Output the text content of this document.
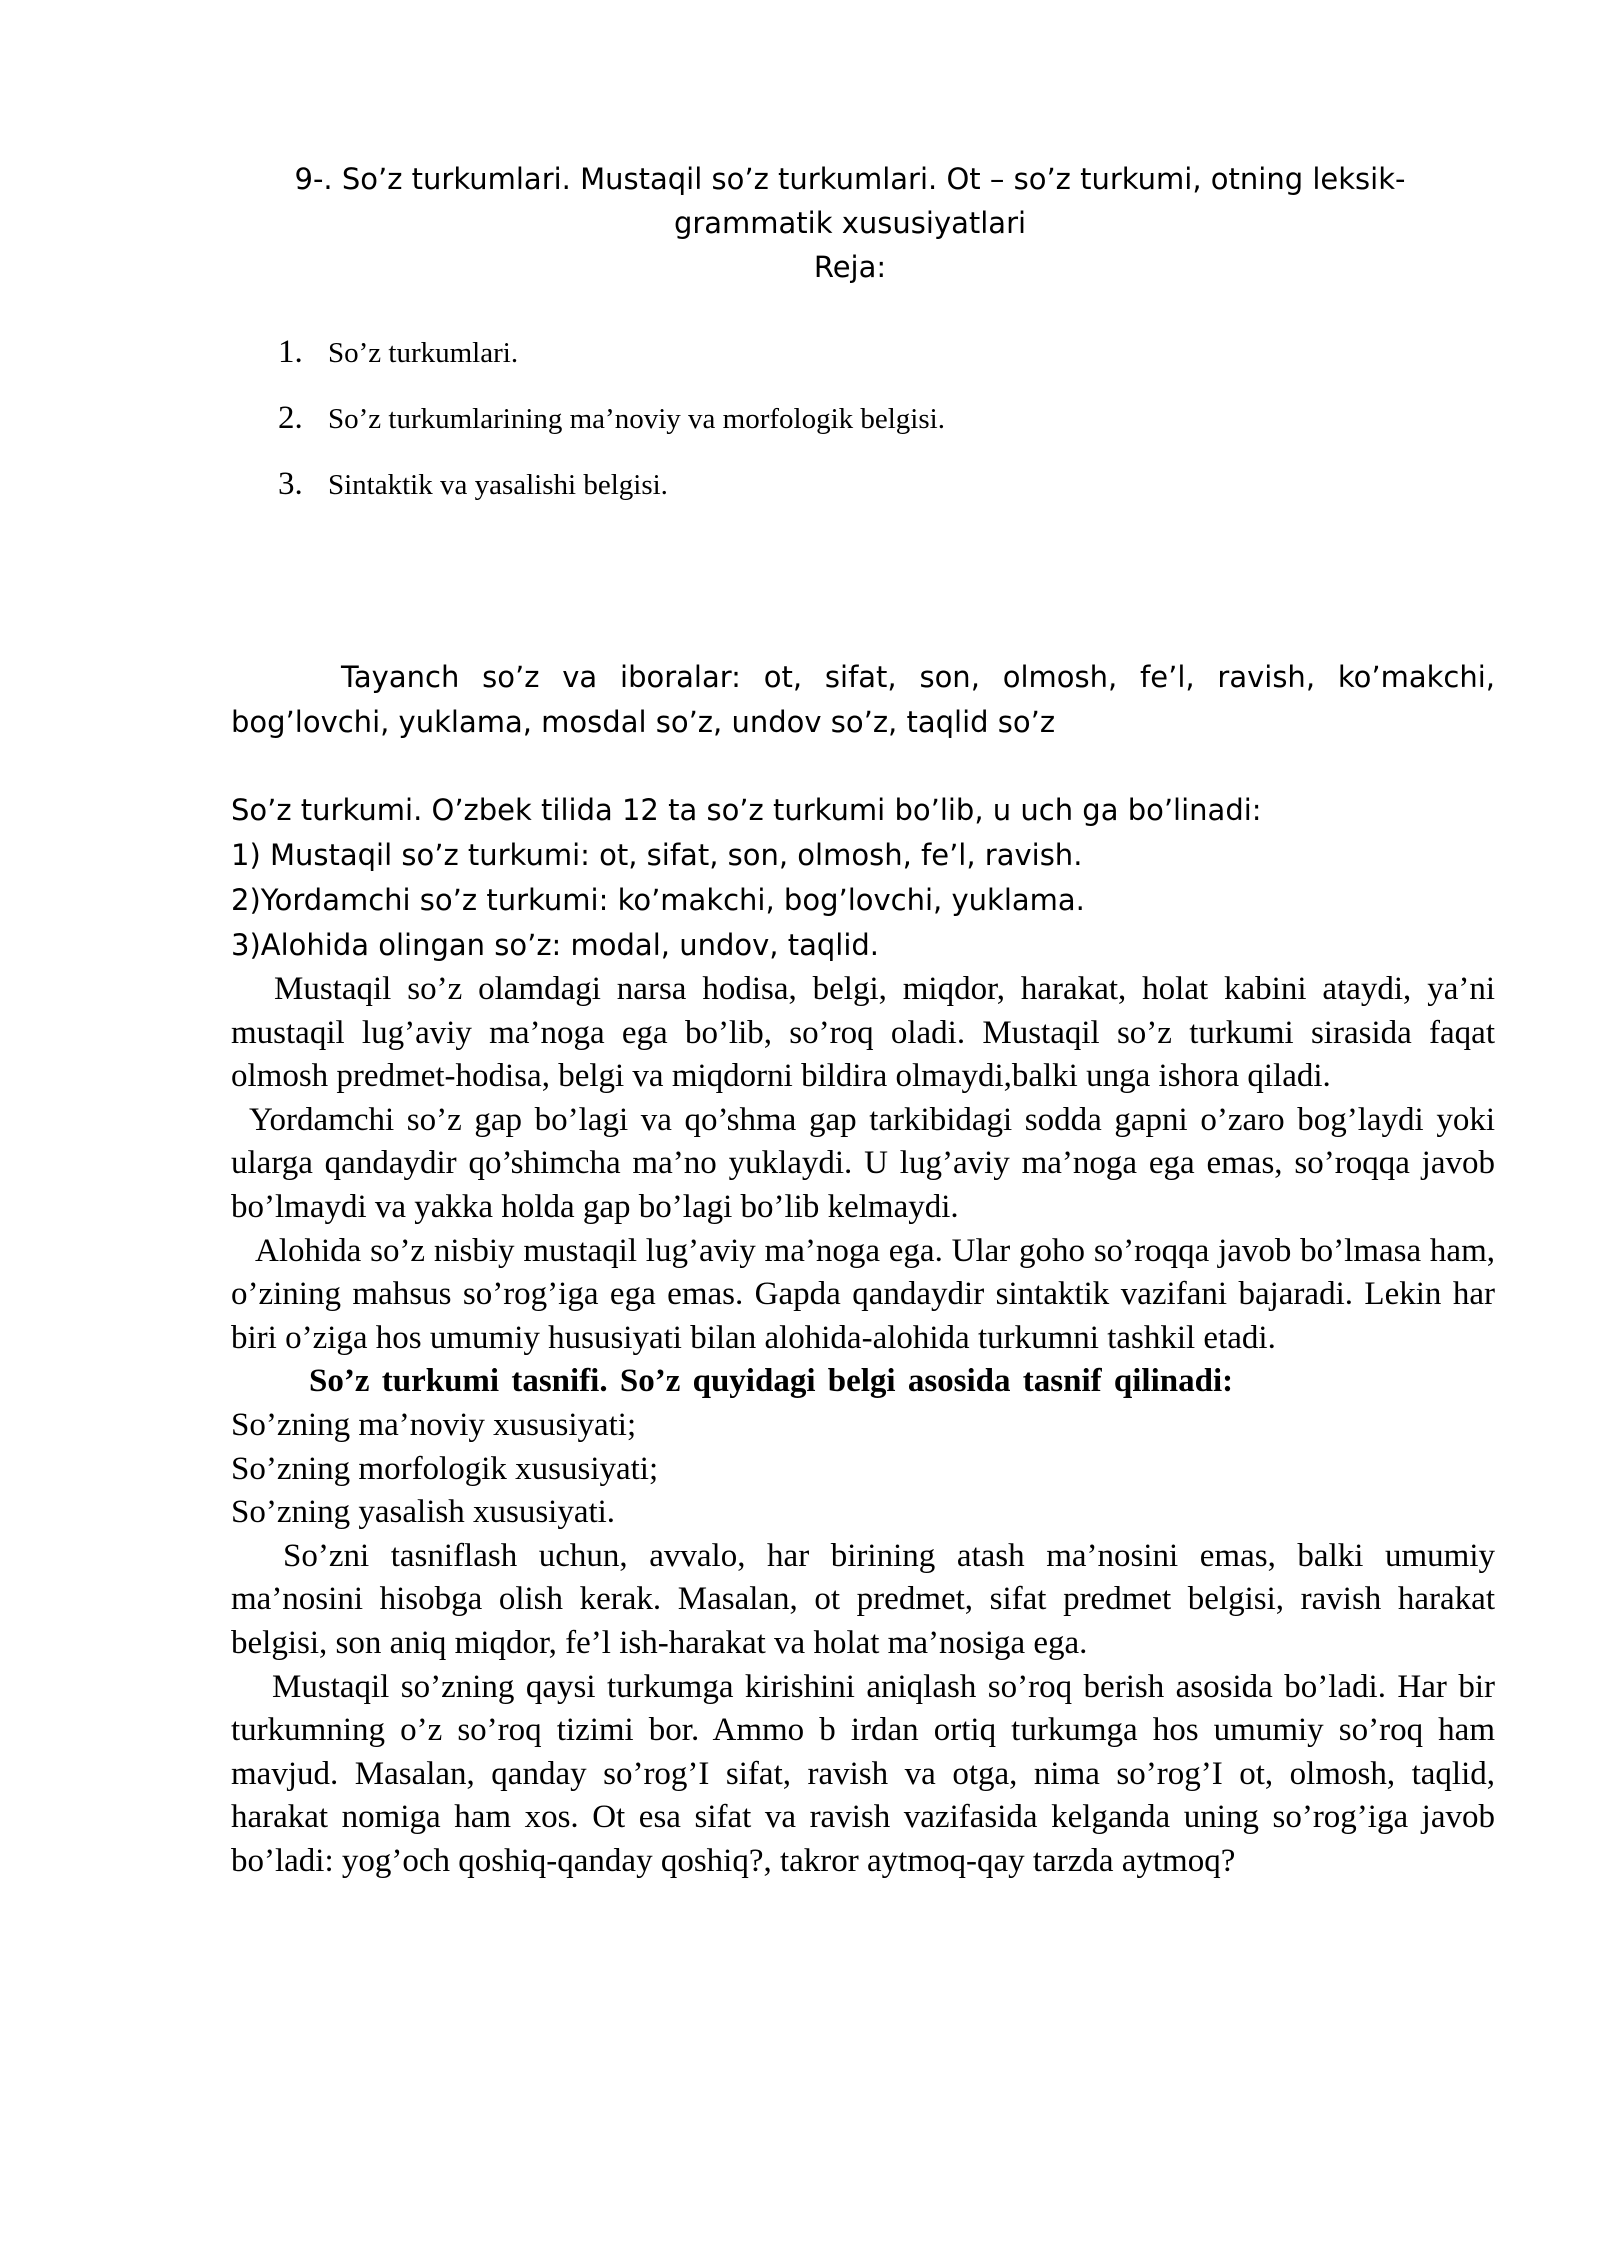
9-. So’z turkumlari. Mustaqil so’z turkumlari. Ot – so’z turkumi, otning leksik-
grammatik xususiyatlari
Reja:
1. So’z turkumlari.
2. So’z turkumlarining ma’noviy va morfologik belgisi.
3. Sintaktik va yasalishi belgisi.
Tayanch so’z va iboralar: ot, sifat, son, olmosh, fe’l, ravish, ko’makchi, bog’lovchi, yuklama, mosdal so’z, undov so’z, taqlid so’z
So’z turkumi. O’zbek tilida 12 ta so’z turkumi bo’lib, u uch ga bo’linadi:
1) Mustaqil so’z turkumi: ot, sifat, son, olmosh, fe’l, ravish.
2)Yordamchi so’z turkumi: ko’makchi, bog’lovchi, yuklama.
3)Alohida olingan so’z: modal, undov, taqlid.
Mustaqil so’z olamdagi narsa hodisa, belgi, miqdor, harakat, holat kabini ataydi, ya’ni mustaqil lug’aviy ma’noga ega bo’lib, so’roq oladi. Mustaqil so’z turkumi sirasida faqat olmosh predmet-hodisa, belgi va miqdorni bildira olmaydi,balki unga ishora qiladi.
Yordamchi so’z gap bo’lagi va qo’shma gap tarkibidagi sodda gapni o’zaro bog’laydi yoki ularga qandaydir qo’shimcha ma’no yuklaydi. U lug’aviy ma’noga ega emas, so’roqqa javob bo’lmaydi va yakka holda gap bo’lagi bo’lib kelmaydi.
Alohida so’z nisbiy mustaqil lug’aviy ma’noga ega. Ular goho so’roqqa javob bo’lmasa ham, o’zining mahsus so’rog’iga ega emas. Gapda qandaydir sintaktik vazifani bajaradi. Lekin har biri o’ziga hos umumiy hususiyati bilan alohida-alohida turkumni tashkil etadi.
So’z turkumi tasnifi. So’z quyidagi belgi asosida tasnif qilinadi:
So’zning ma’noviy xususiyati;
So’zning morfologik xususiyati;
So’zning yasalish xususiyati.
So’zni tasniflash uchun, avvalo, har birining atash ma’nosini emas, balki umumiy ma’nosini hisobga olish kerak. Masalan, ot predmet, sifat predmet belgisi, ravish harakat belgisi, son aniq miqdor, fe’l ish-harakat va holat ma’nosiga ega.
Mustaqil so’zning qaysi turkumga kirishini aniqlash so’roq berish asosida bo’ladi. Har bir turkumning o’z so’roq tizimi bor. Ammo b irdan ortiq turkumga hos umumiy so’roq ham mavjud. Masalan, qanday so’rog’I sifat, ravish va otga, nima so’rog’I ot, olmosh, taqlid, harakat nomiga ham xos. Ot esa sifat va ravish vazifasida kelganda uning so’rog’iga javob bo’ladi: yog’och qoshiq-qanday qoshiq?, takror aytmoq-qay tarzda aytmoq?
